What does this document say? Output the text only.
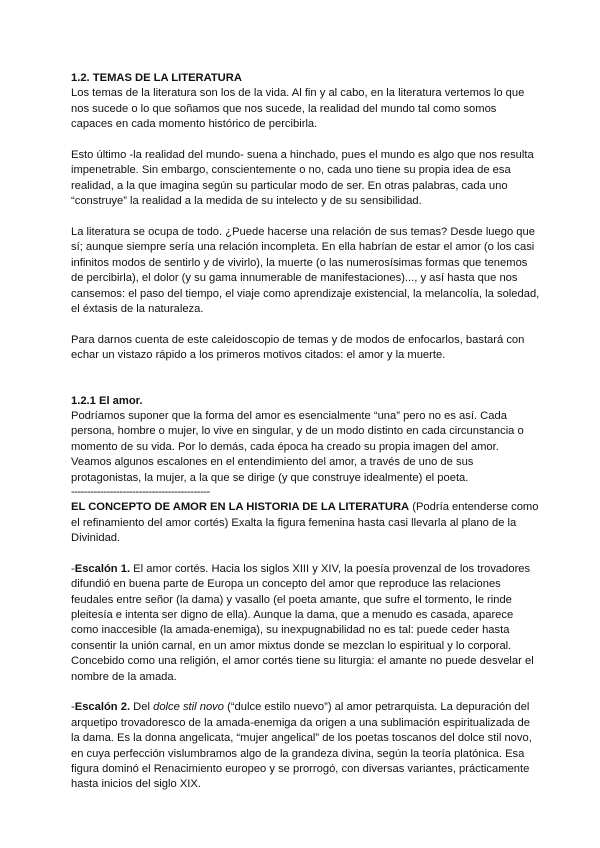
1.2. TEMAS DE LA LITERATURA

Los temas de la literatura son los de la vida. Al fin y al cabo, en la literatura vertemos lo que nos sucede o lo que soñamos que nos sucede, la realidad del mundo tal como somos capaces en cada momento histórico de percibirla.

Esto último -la realidad del mundo- suena a hinchado, pues el mundo es algo que nos resulta impenetrable. Sin embargo, conscientemente o no, cada uno tiene su propia idea de esa realidad, a la que imagina según su particular modo de ser. En otras palabras, cada uno “construye” la realidad a la medida de su intelecto y de su sensibilidad.

La literatura se ocupa de todo. ¿Puede hacerse una relación de sus temas? Desde luego que sí; aunque siempre sería una relación incompleta. En ella habrían de estar el amor (o los casi infinitos modos de sentirlo y de vivirlo), la muerte (o las numerosísimas formas que tenemos de percibirla), el dolor (y su gama innumerable de manifestaciones)..., y así hasta que nos cansemos: el paso del tiempo, el viaje como aprendizaje existencial, la melancolía, la soledad, el éxtasis de la naturaleza.

Para darnos cuenta de este caleidoscopio de temas y de modos de enfocarlos, bastará con echar un vistazo rápido a los primeros motivos citados: el amor y la muerte.

1.2.1 El amor.

Podríamos suponer que la forma del amor es esencialmente “una” pero no es así. Cada persona, hombre o mujer, lo vive en singular, y de un modo distinto en cada circunstancia o momento de su vida. Por lo demás, cada época ha creado su propia imagen del amor. Veamos algunos escalones en el entendimiento del amor, a través de uno de sus protagonistas, la mujer, a la que se dirige (y que construye idealmente) el poeta.

-------------------------------------------

EL CONCEPTO DE AMOR EN LA HISTORIA DE LA LITERATURA (Podría entenderse como el refinamiento del amor cortés) Exalta la figura femenina hasta casi llevarla al plano de la Divinidad.

-Escalón 1. El amor cortés. Hacia los siglos XIII y XIV, la poesía provenzal de los trovadores difundió en buena parte de Europa un concepto del amor que reproduce las relaciones feudales entre señor (la dama) y vasallo (el poeta amante, que sufre el tormento, le rinde pleitesía e intenta ser digno de ella). Aunque la dama, que a menudo es casada, aparece como inaccesible (la amada-enemiga), su inexpugnabilidad no es tal: puede ceder hasta consentir la unión carnal, en un amor mixtus donde se mezclan lo espiritual y lo corporal. Concebido como una religión, el amor cortés tiene su liturgia: el amante no puede desvelar el nombre de la amada.

-Escalón 2. Del dolce stil novo (“dulce estilo nuevo”) al amor petrarquista. La depuración del arquetipo trovadoresco de la amada-enemiga da origen a una sublimación espiritualizada de la dama. Es la donna angelicata, “mujer angelical” de los poetas toscanos del dolce stil novo, en cuya perfección vislumbramos algo de la grandeza divina, según la teoría platónica. Esa figura dominó el Renacimiento europeo y se prorrogó, con diversas variantes, prácticamente hasta inicios del siglo XIX.
